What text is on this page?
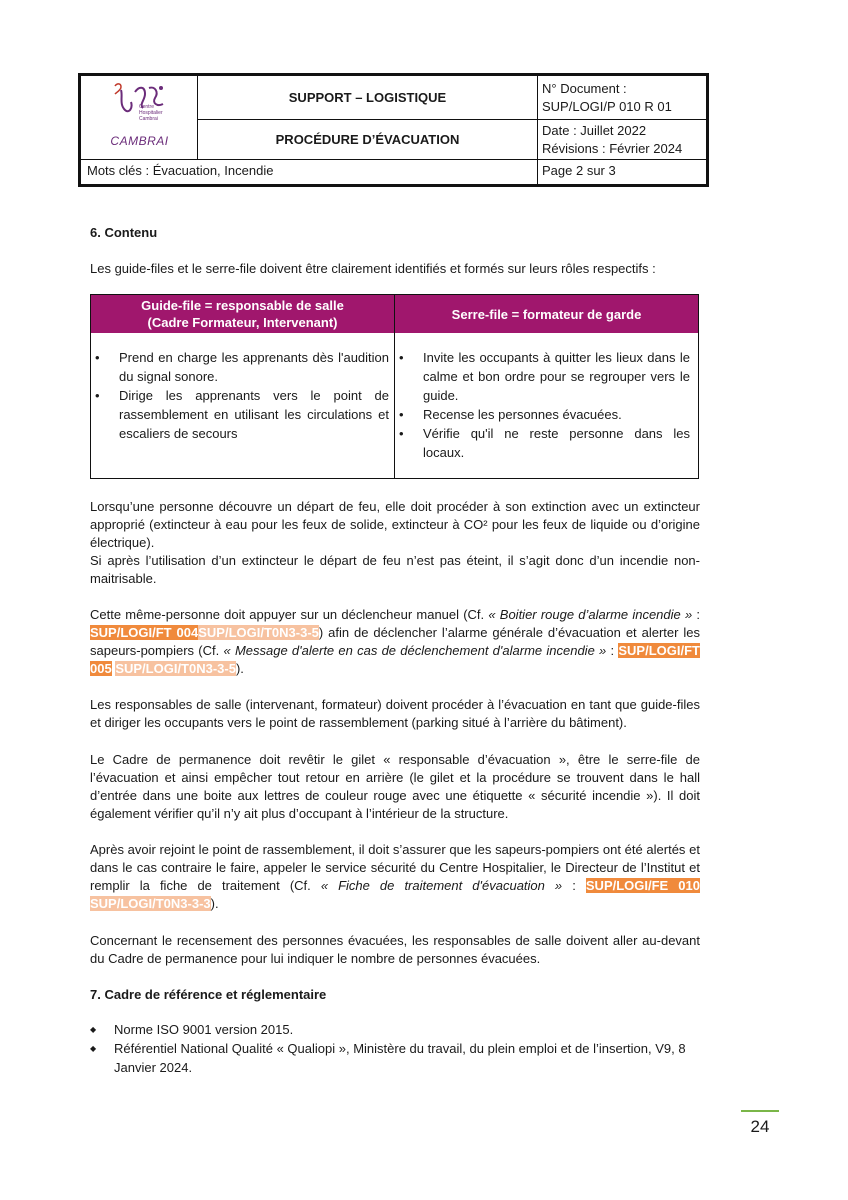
Centre Hospitalier Cambrai
CAMBRAI
SUPPORT – LOGISTIQUE
PROCÉDURE D’ÉVACUATION
N° Document :
SUP/LOGI/P 010 R 01
Date : Juillet 2022
Révisions : Février 2024
Mots clés : Évacuation, Incendie	Page 2 sur 3
6. Contenu
Les guide-files et le serre-file doivent être clairement identifiés et formés sur leurs rôles respectifs :
Guide-file = responsable de salle
(Cadre Formateur, Intervenant)
Serre-file = formateur de garde
• Prend en charge les apprenants dès l'audition du signal sonore.
• Dirige les apprenants vers le point de rassemblement en utilisant les circulations et escaliers de secours
• Invite les occupants à quitter les lieux dans le calme et bon ordre pour se regrouper vers le guide.
• Recense les personnes évacuées.
• Vérifie qu'il ne reste personne dans les locaux.
Lorsqu’une personne découvre un départ de feu, elle doit procéder à son extinction avec un extincteur approprié (extincteur à eau pour les feux de solide, extincteur à CO² pour les feux de liquide ou d’origine électrique).
Si après l’utilisation d’un extincteur le départ de feu n’est pas éteint, il s’agit donc d’un incendie non-maitrisable.
Cette même-personne doit appuyer sur un déclencheur manuel (Cf. « Boitier rouge d’alarme incendie » : SUP/LOGI/FT 004SUP/LOGI/T0N3-3-5) afin de déclencher l’alarme générale d’évacuation et alerter les sapeurs-pompiers (Cf. « Message d'alerte en cas de déclenchement d'alarme incendie » : SUP/LOGI/FT 005 SUP/LOGI/T0N3-3-5).
Les responsables de salle (intervenant, formateur) doivent procéder à l’évacuation en tant que guide-files et diriger les occupants vers le point de rassemblement (parking situé à l’arrière du bâtiment).
Le Cadre de permanence doit revêtir le gilet « responsable d’évacuation », être le serre-file de l’évacuation et ainsi empêcher tout retour en arrière (le gilet et la procédure se trouvent dans le hall d’entrée dans une boite aux lettres de couleur rouge avec une étiquette « sécurité incendie »). Il doit également vérifier qu’il n’y ait plus d’occupant à l’intérieur de la structure.
Après avoir rejoint le point de rassemblement, il doit s’assurer que les sapeurs-pompiers ont été alertés et dans le cas contraire le faire, appeler le service sécurité du Centre Hospitalier, le Directeur de l’Institut et remplir la fiche de traitement (Cf. « Fiche de traitement d'évacuation » : SUP/LOGI/FE 010 SUP/LOGI/T0N3-3-3).
Concernant le recensement des personnes évacuées, les responsables de salle doivent aller au-devant du Cadre de permanence pour lui indiquer le nombre de personnes évacuées.
7. Cadre de référence et réglementaire
◆ Norme ISO 9001 version 2015.
◆ Référentiel National Qualité « Qualiopi », Ministère du travail, du plein emploi et de l’insertion, V9, 8 Janvier 2024.
24
